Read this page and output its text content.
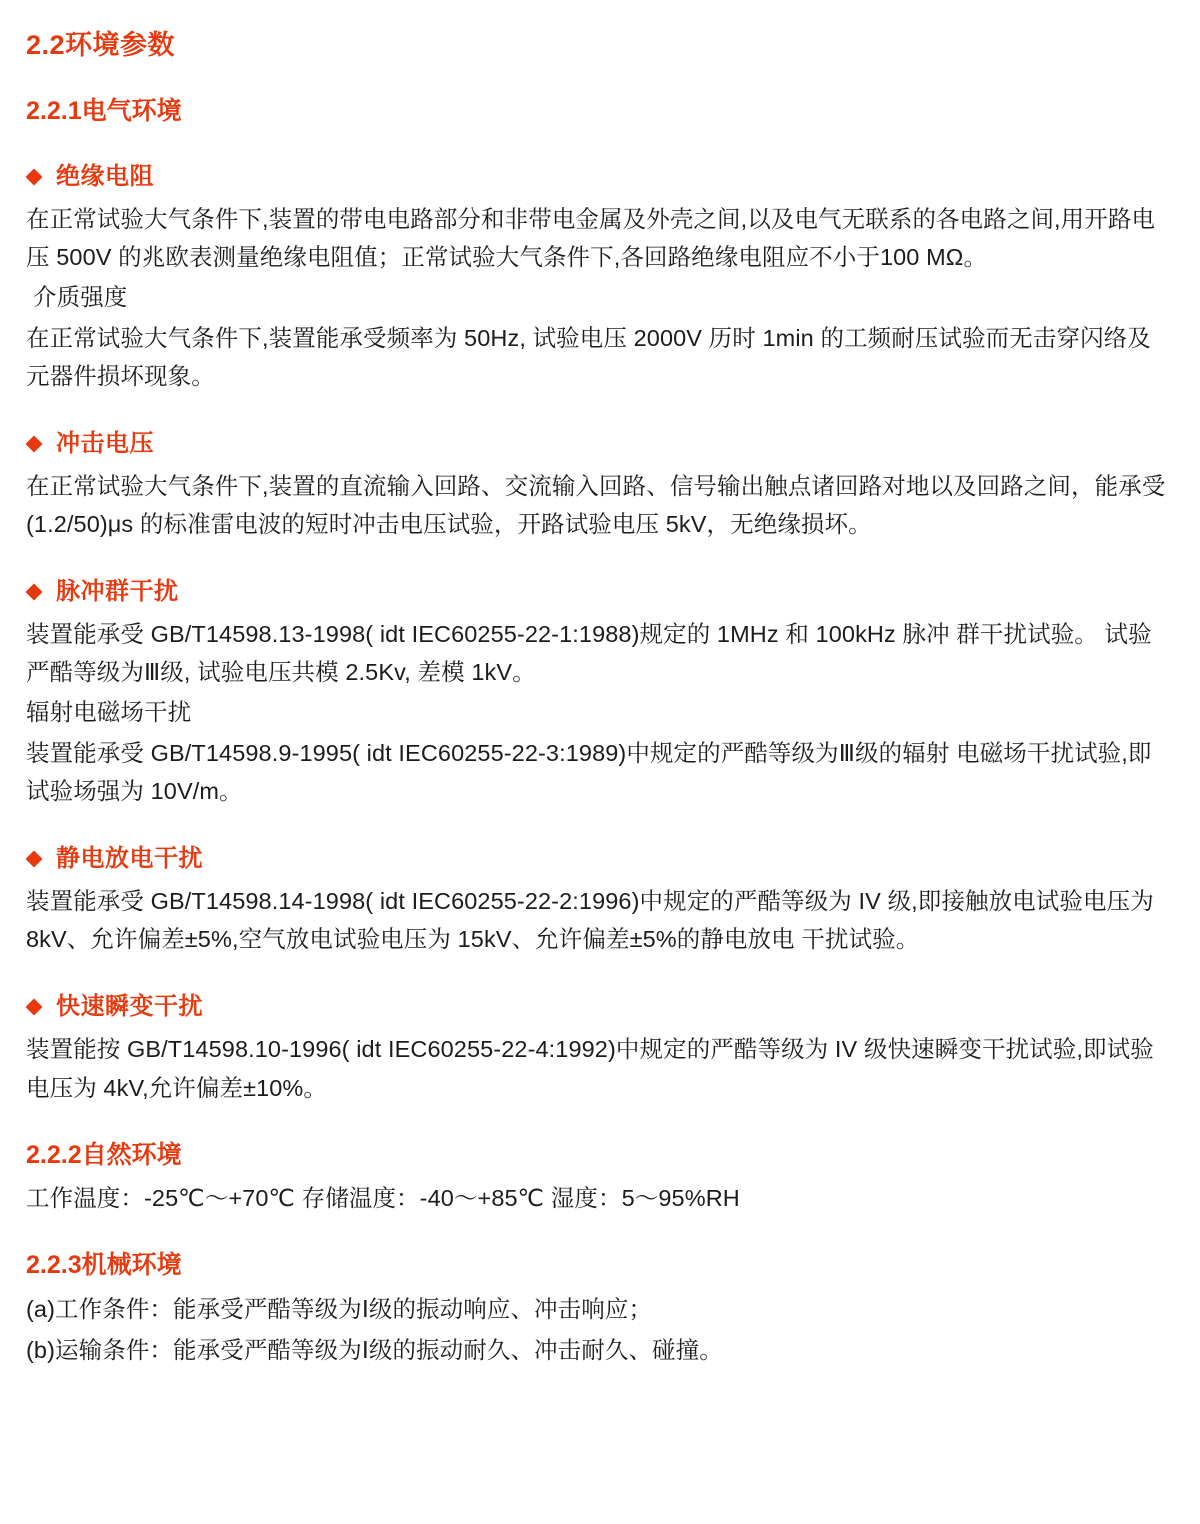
2.2环境参数
2.2.1电气环境
绝缘电阻

在正常试验大气条件下,装置的带电电路部分和非带电金属及外壳之间,以及电气无联系的各电路之间,用开路电压 500V 的兆欧表测量绝缘电阻值；正常试验大气条件下,各回路绝缘电阻应不小于100 MΩ。

介质强度

在正常试验大气条件下,装置能承受频率为 50Hz, 试验电压 2000V 历时 1min 的工频耐压试验而无击穿闪络及元器件损坏现象。

冲击电压

在正常试验大气条件下,装置的直流输入回路、交流输入回路、信号输出触点诸回路对地以及回路之间，能承受(1.2/50)μs 的标准雷电波的短时冲击电压试验，开路试验电压 5kV，无绝缘损坏。

脉冲群干扰

装置能承受 GB/T14598.13-1998( idt IEC60255-22-1:1988)规定的 1MHz 和 100kHz 脉冲 群干扰试验。 试验严酷等级为Ⅲ级, 试验电压共模 2.5Kv, 差模 1kV。

辐射电磁场干扰

装置能承受 GB/T14598.9-1995( idt IEC60255-22-3:1989)中规定的严酷等级为Ⅲ级的辐射 电磁场干扰试验,即试验场强为 10V/m。

静电放电干扰

装置能承受 GB/T14598.14-1998( idt IEC60255-22-2:1996)中规定的严酷等级为 IV 级,即接触放电试验电压为 8kV、允许偏差±5%,空气放电试验电压为 15kV、允许偏差±5%的静电放电 干扰试验。

快速瞬变干扰

装置能按 GB/T14598.10-1996( idt IEC60255-22-4:1992)中规定的严酷等级为 IV 级快速瞬变干扰试验,即试验电压为 4kV,允许偏差±10%。

2.2.2自然环境

工作温度：-25℃～+70℃ 存储温度：-40～+85℃ 湿度：5～95%RH

2.2.3机械环境

(a)工作条件：能承受严酷等级为Ⅰ级的振动响应、冲击响应；

(b)运输条件：能承受严酷等级为Ⅰ级的振动耐久、冲击耐久、碰撞。
